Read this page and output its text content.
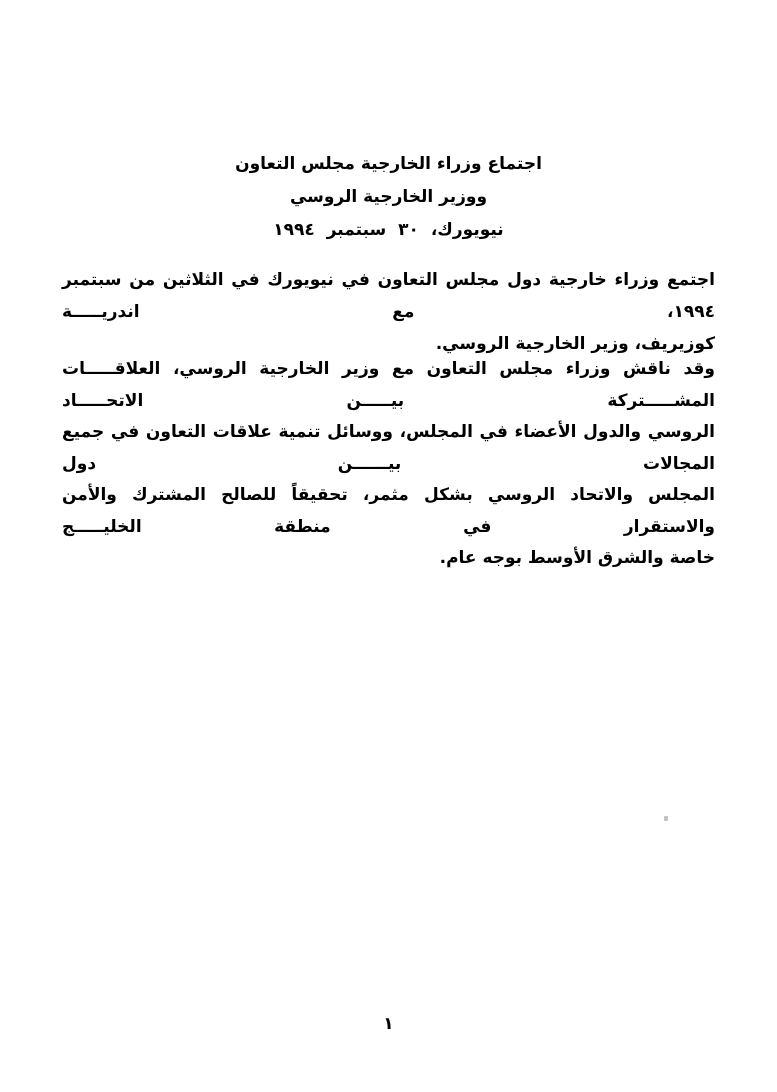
اجتماع وزراء الخارجية مجلس التعاون
ووزير الخارجية الروسي
نيويورك، ٣٠ سبتمبر ١٩٩٤
اجتمع وزراء خارجية دول مجلس التعاون في نيويورك في الثلاثين من سبتمبر ١٩٩٤، مع اندريـــــة
كوزيريف، وزير الخارجية الروسي.
وقد ناقش وزراء مجلس التعاون مع وزير الخارجية الروسي، العلاقـــــات المشـــــتركة بيـــــن الاتحـــــاد
الروسي والدول الأعضاء في المجلس، ووسائل تنمية علاقات التعاون في جميع المجالات بيــــــن دول
المجلس والاتحاد الروسي بشكل مثمر، تحقيقاً للصالح المشترك والأمن والاستقرار في منطقة الخليـــــج
خاصة والشرق الأوسط بوجه عام.
١
